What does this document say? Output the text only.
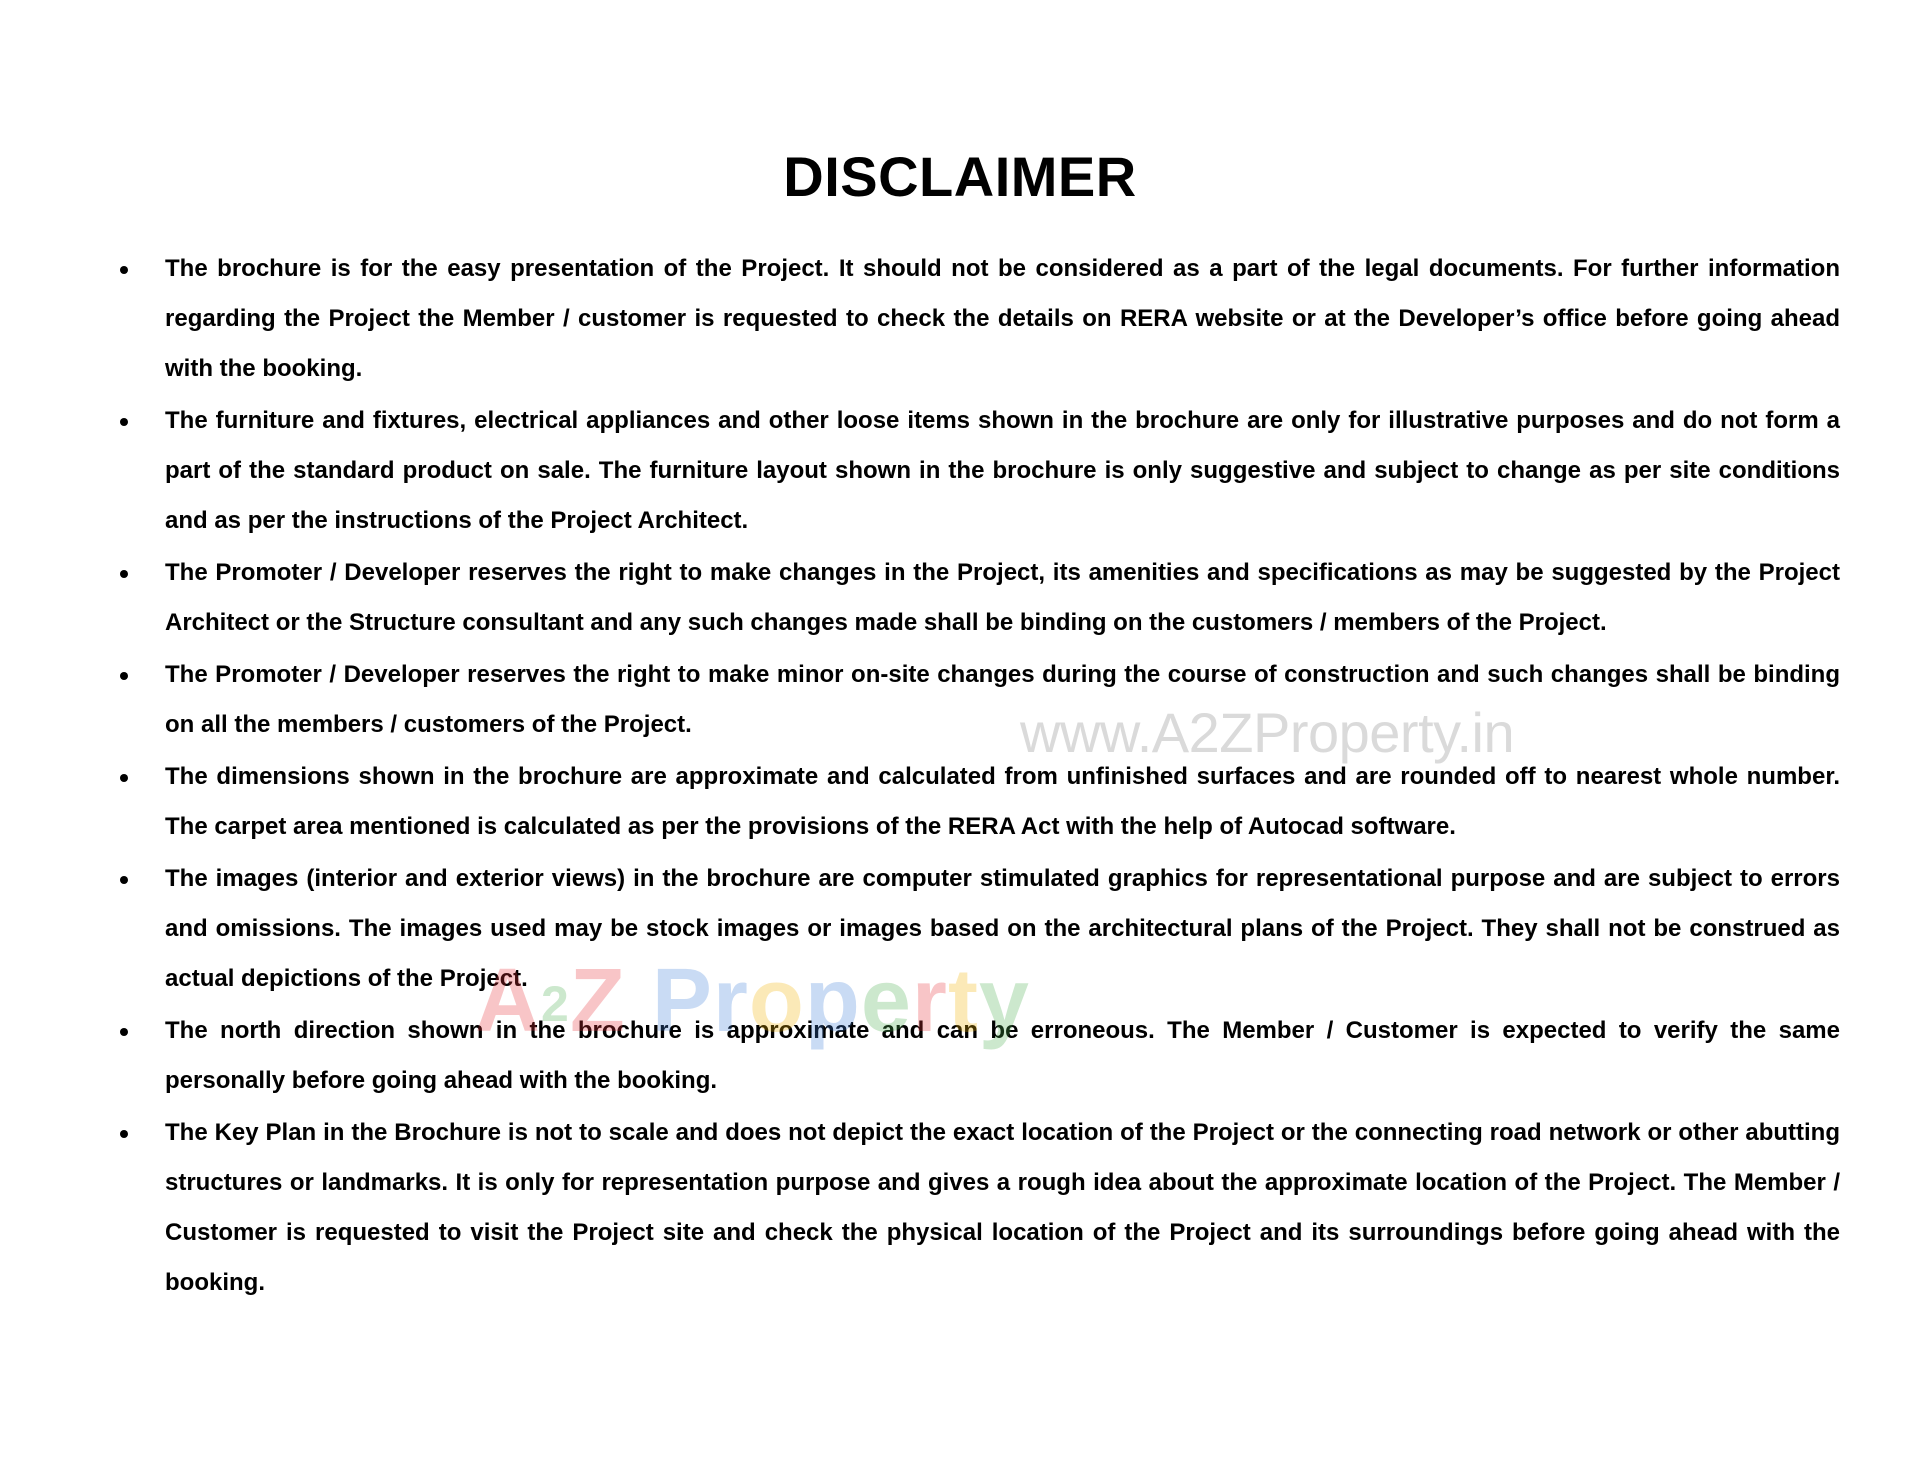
DISCLAIMER
The brochure is for the easy presentation of the Project. It should not be considered as a part of the legal documents. For further information regarding the Project the Member / customer is requested to check the details on RERA website or at the Developer’s office before going ahead with the booking.
The furniture and fixtures, electrical appliances and other loose items shown in the brochure are only for illustrative purposes and do not form a part of the standard product on sale. The furniture layout shown in the brochure is only suggestive and subject to change as per site conditions and as per the instructions of the Project Architect.
The Promoter / Developer reserves the right to make changes in the Project, its amenities and specifications as may be suggested by the Project Architect or the Structure consultant and any such changes made shall be binding on the customers / members of the Project.
The Promoter / Developer reserves the right to make minor on-site changes during the course of construction and such changes shall be binding on all the members / customers of the Project.
The dimensions shown in the brochure are approximate and calculated from unfinished surfaces and are rounded off to nearest whole number. The carpet area mentioned is calculated as per the provisions of the RERA Act with the help of Autocad software.
The images (interior and exterior views) in the brochure are computer stimulated graphics for representational purpose and are subject to errors and omissions. The images used may be stock images or images based on the architectural plans of the Project. They shall not be construed as actual depictions of the Project.
The north direction shown in the brochure is approximate and can be erroneous. The Member / Customer is expected to verify the same personally before going ahead with the booking.
The Key Plan in the Brochure is not to scale and does not depict the exact location of the Project or the connecting road network or other abutting structures or landmarks. It is only for representation purpose and gives a rough idea about the approximate location of the Project. The Member / Customer is requested to visit the Project site and check the physical location of the Project and its surroundings before going ahead with the booking.
www.A2ZProperty.in
A2Z Property
